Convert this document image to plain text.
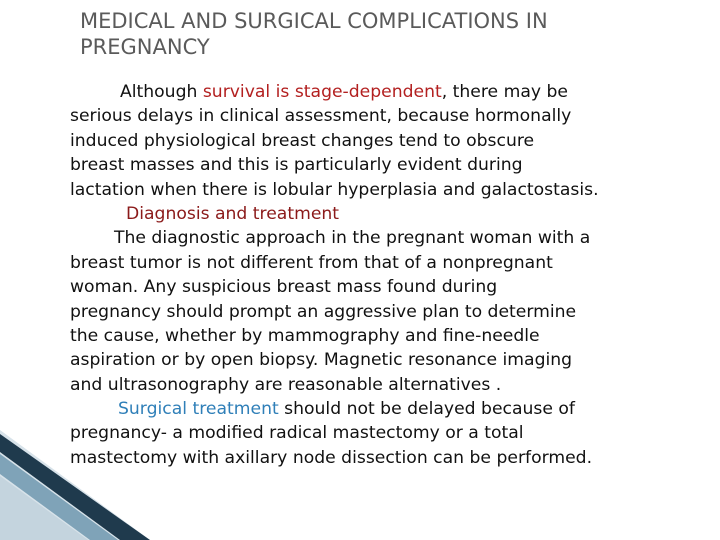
MEDICAL AND SURGICAL COMPLICATIONS IN
PREGNANCY
Although survival is stage-dependent, there may be
serious delays in clinical assessment, because hormonally
induced physiological breast changes tend to obscure
breast masses and this is particularly evident during
lactation when there is lobular hyperplasia and galactostasis.
Diagnosis and treatment
The diagnostic approach in the pregnant woman with a
breast tumor is not different from that of a nonpregnant
woman. Any suspicious breast mass found during
pregnancy should prompt an aggressive plan to determine
the cause, whether by mammography and fine-needle
aspiration or by open biopsy. Magnetic resonance imaging
and ultrasonography are reasonable alternatives .
Surgical treatment should not be delayed because of
pregnancy- a modified radical mastectomy or a total
mastectomy with axillary node dissection can be performed.
